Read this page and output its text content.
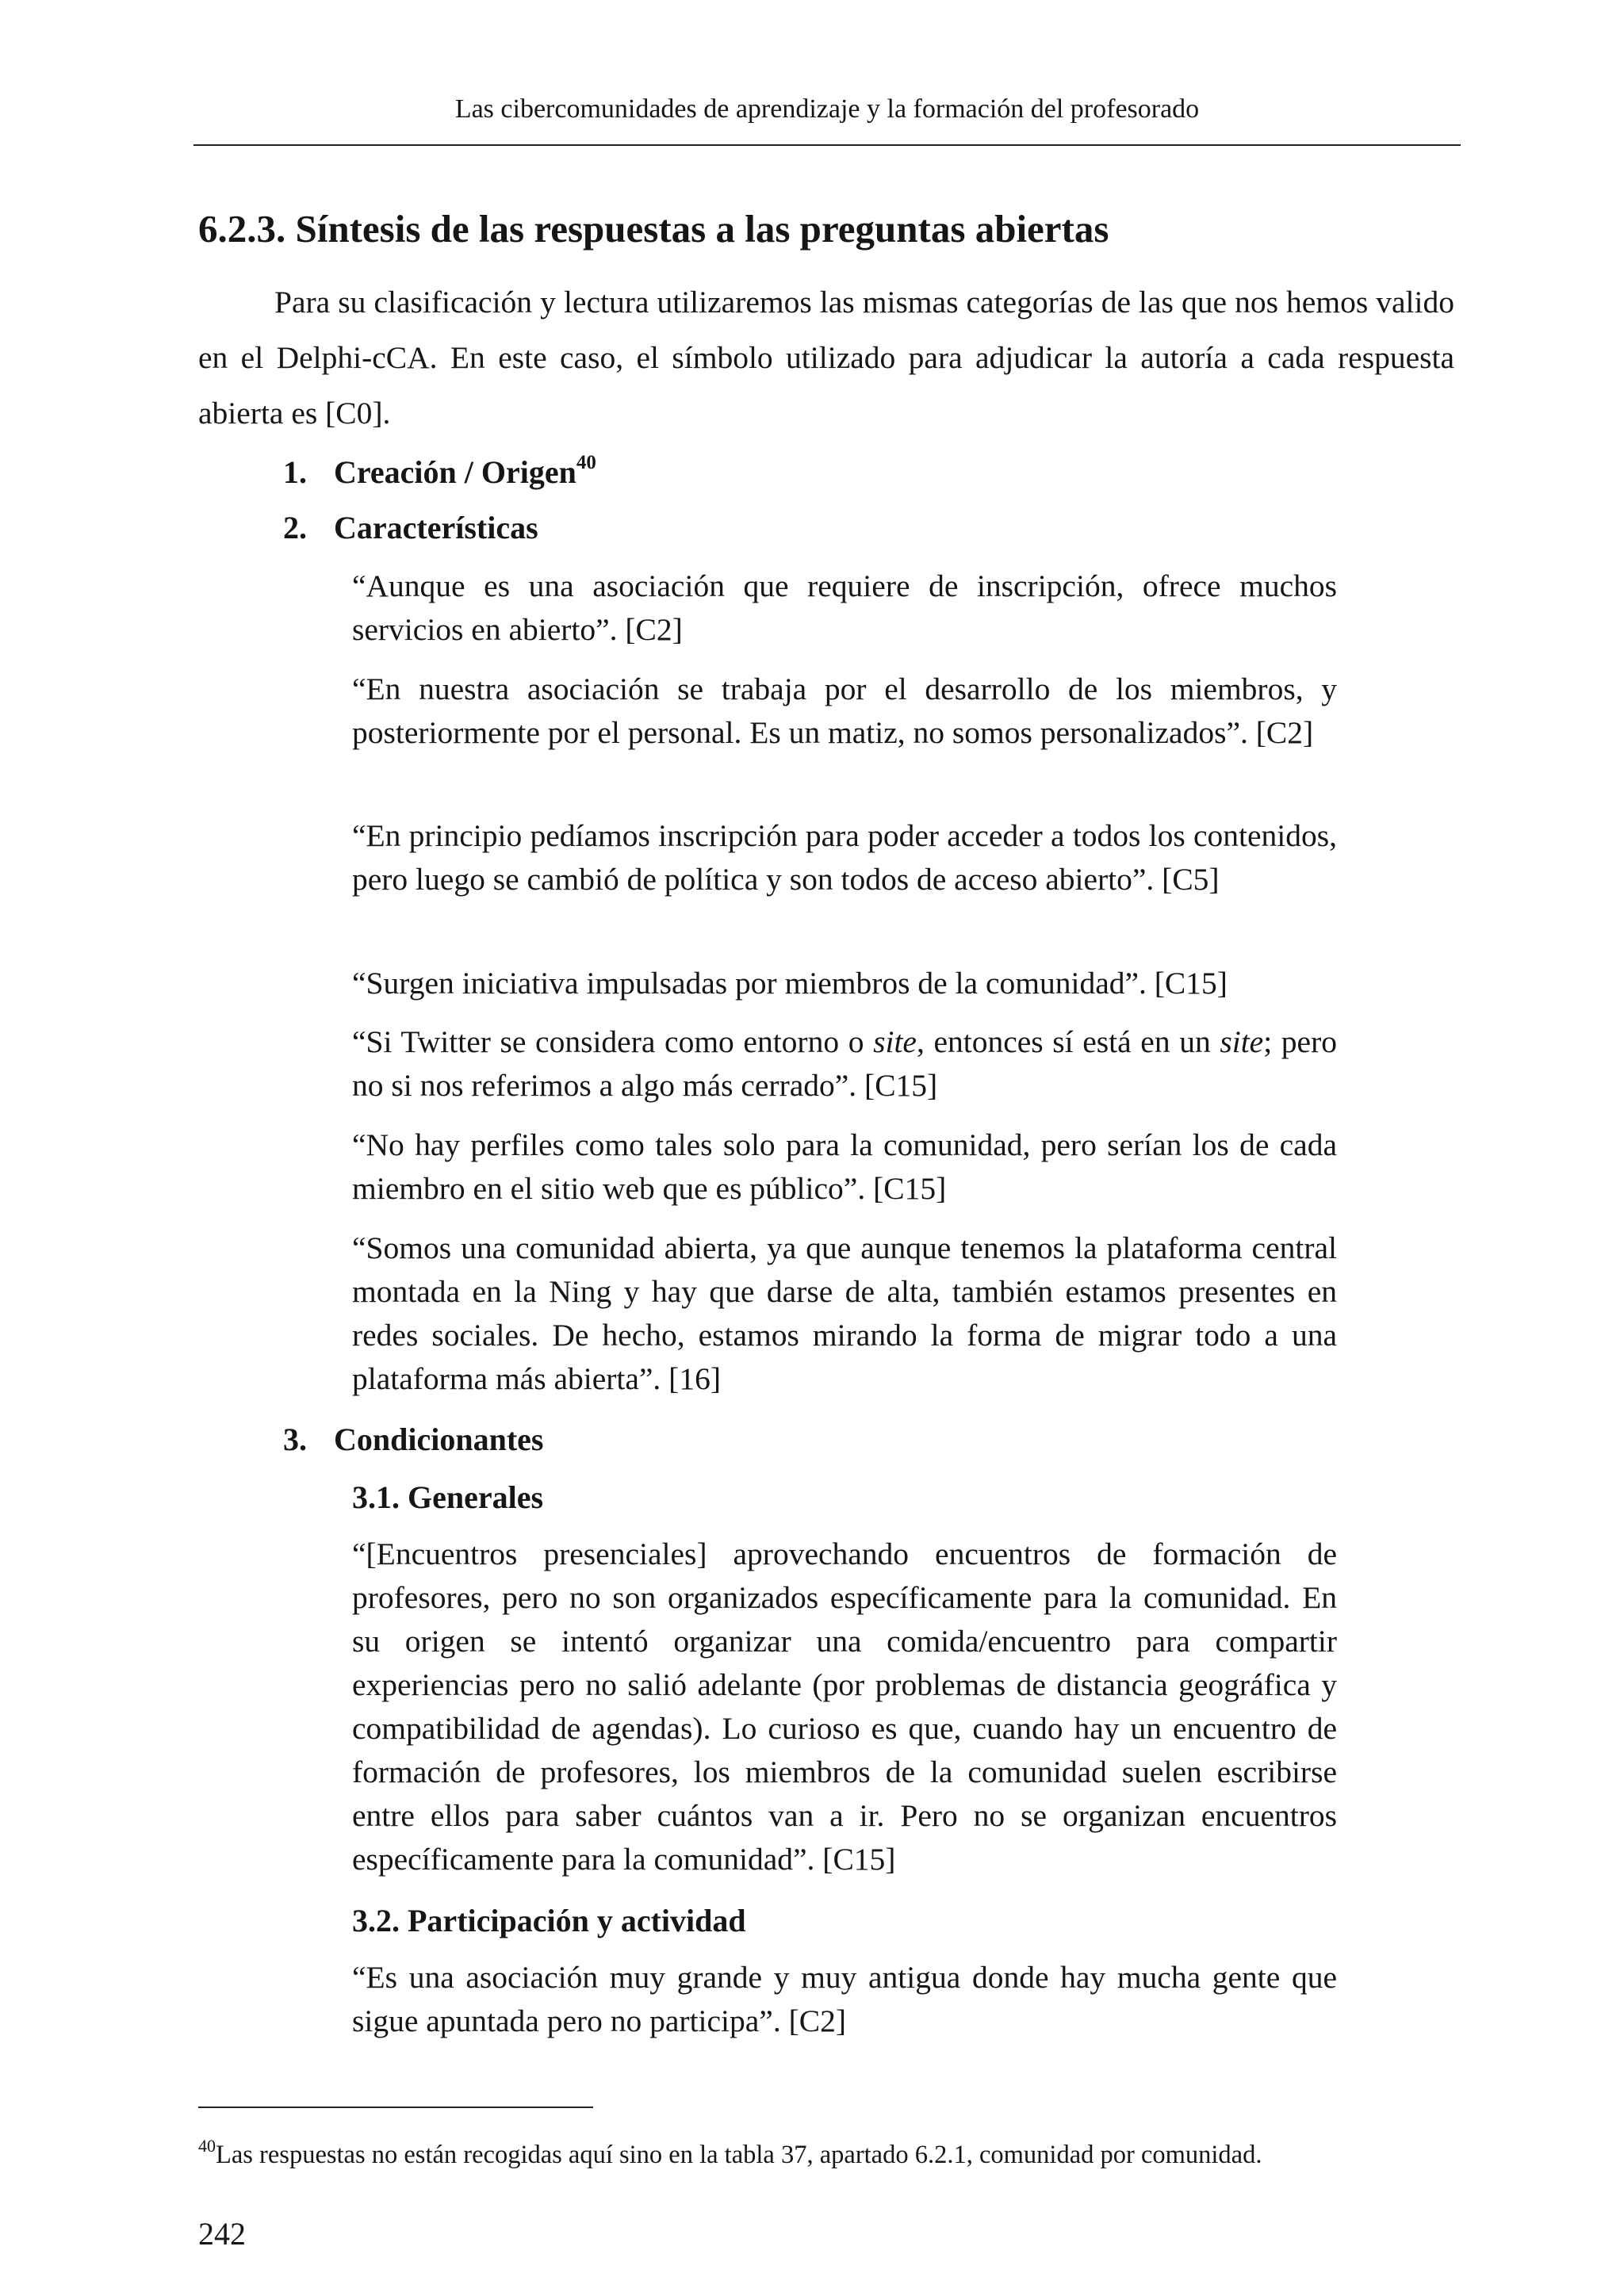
Las cibercomunidades de aprendizaje y la formación del profesorado
6.2.3. Síntesis de las respuestas a las preguntas abiertas

Para su clasificación y lectura utilizaremos las mismas categorías de las que nos hemos valido en el Delphi-cCA. En este caso, el símbolo utilizado para adjudicar la autoría a cada respuesta abierta es [C0].

1. Creación / Origen$^{40}$
2. Características

“Aunque es una asociación que requiere de inscripción, ofrece muchos servicios en abierto”. [C2]

“En nuestra asociación se trabaja por el desarrollo de los miembros, y posteriormente por el personal. Es un matiz, no somos personalizados”. [C2]

“En principio pedíamos inscripción para poder acceder a todos los contenidos, pero luego se cambió de política y son todos de acceso abierto”. [C5]

“Surgen iniciativa impulsadas por miembros de la comunidad”. [C15]

“Si Twitter se considera como entorno o site, entonces sí está en un site; pero no si nos referimos a algo más cerrado”. [C15]

“No hay perfiles como tales solo para la comunidad, pero serían los de cada miembro en el sitio web que es público”. [C15]

“Somos una comunidad abierta, ya que aunque tenemos la plataforma central montada en la Ning y hay que darse de alta, también estamos presentes en redes sociales. De hecho, estamos mirando la forma de migrar todo a una plataforma más abierta”. [16]

3. Condicionantes
3.1. Generales

“[Encuentros presenciales] aprovechando encuentros de formación de profesores, pero no son organizados específicamente para la comunidad. En su origen se intentó organizar una comida/encuentro para compartir experiencias pero no salió adelante (por problemas de distancia geográfica y compatibilidad de agendas). Lo curioso es que, cuando hay un encuentro de formación de profesores, los miembros de la comunidad suelen escribirse entre ellos para saber cuántos van a ir. Pero no se organizan encuentros específicamente para la comunidad”. [C15]

3.2. Participación y actividad

“Es una asociación muy grande y muy antigua donde hay mucha gente que sigue apuntada pero no participa”. [C2]

$^{40}$Las respuestas no están recogidas aquí sino en la tabla 37, apartado 6.2.1, comunidad por comunidad.

242
